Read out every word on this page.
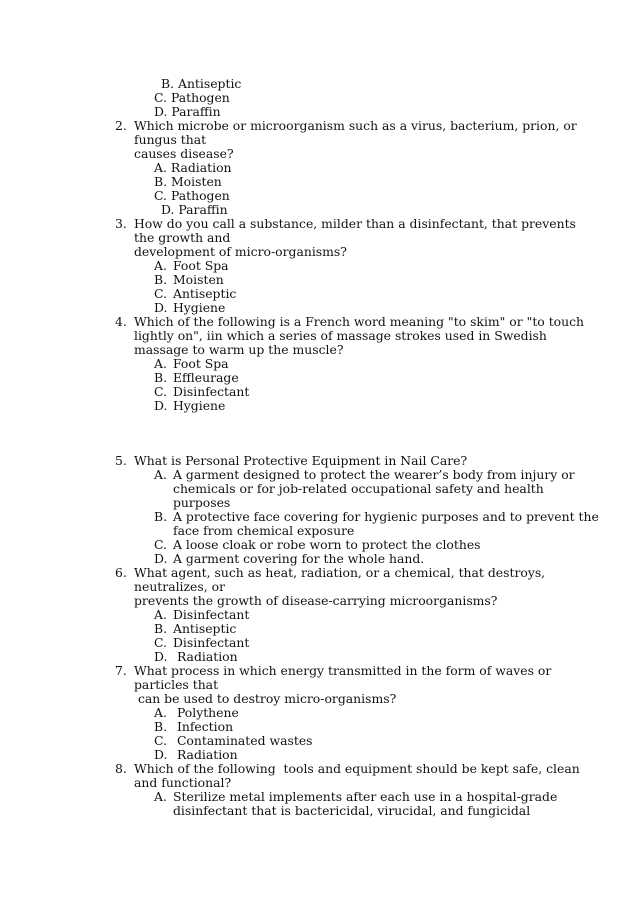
B. Antiseptic
C. Pathogen
D. Paraffin
2. Which microbe or microorganism such as a virus, bacterium, prion, or
fungus that
causes disease?
A.
Radiation
B.
Moisten
C.
Pathogen
D.
Paraffin
3. How do you call a substance, milder than a disinfectant, that prevents
the growth and
development of micro-organisms?
A. Foot Spa
B. Moisten
C. Antiseptic
D. Hygiene
4. Which of the following is a French word meaning "to skim" or "to touch
lightly on", iin which a series of massage strokes used in Swedish
massage to warm up the muscle?
A. Foot Spa
B. Effleurage
C. Disinfectant
D. Hygiene
5. What is Personal Protective Equipment in Nail Care?
A. A garment designed to protect the wearer’s body from injury or
chemicals or for job-related occupational safety and health
purposes
B. A protective face covering for hygienic purposes and to prevent the
face from chemical exposure
C. A loose cloak or robe worn to protect the clothes
D. A garment covering for the whole hand.
6. What agent, such as heat, radiation, or a chemical, that destroys,
neutralizes, or
prevents the growth of disease-carrying microorganisms?
A. Disinfectant
B. Antiseptic
C. Disinfectant
D. Radiation
7. What process in which energy transmitted in the form of waves or
particles that
can be used to destroy micro-organisms?
A. Polythene
B. Infection
C. Contaminated wastes
D. Radiation
8. Which of the following  tools and equipment should be kept safe, clean
and functional?
A. Sterilize metal implements after each use in a hospital-grade
disinfectant that is bactericidal, virucidal, and fungicidal
